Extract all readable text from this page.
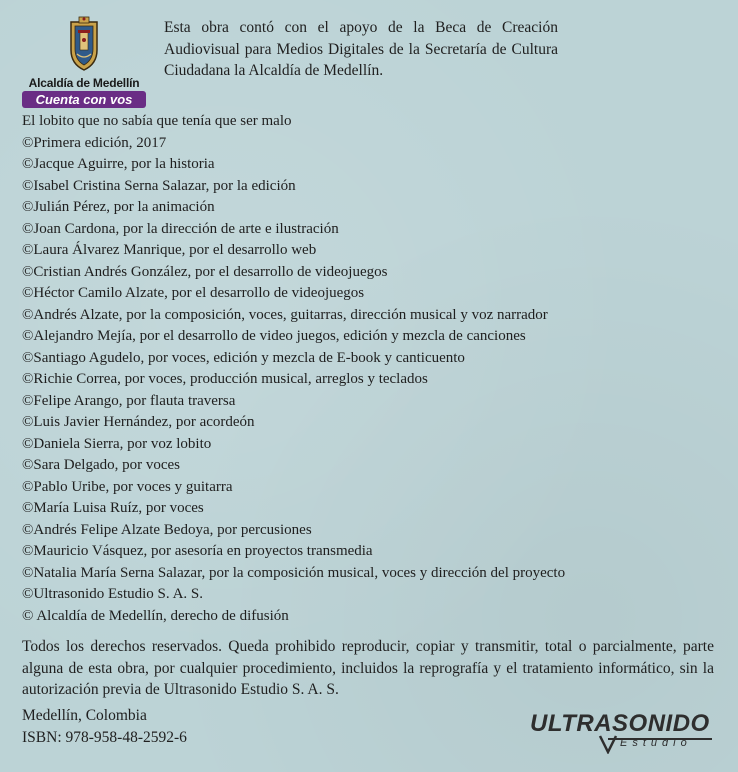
Alcaldía de Medellín
Cuenta con vos
Esta obra contó con el apoyo de la Beca de Creación Audiovisual para Medios Digitales de la Secretaría de Cultura Ciudadana la Alcaldía de Medellín.
El lobito que no sabía que tenía que ser malo
©Primera edición, 2017
©Jacque Aguirre, por la historia
©Isabel Cristina Serna Salazar, por la edición
©Julián Pérez, por la animación
©Joan Cardona, por la dirección de arte e ilustración
©Laura Álvarez Manrique, por el desarrollo web
©Cristian Andrés González, por el desarrollo de videojuegos
©Héctor Camilo Alzate, por el desarrollo de videojuegos
©Andrés Alzate, por la composición, voces, guitarras, dirección musical y voz narrador
©Alejandro Mejía, por el desarrollo de video juegos, edición y mezcla de canciones
©Santiago Agudelo, por voces, edición y mezcla de E-book y canticuento
©Richie Correa, por voces, producción musical, arreglos y teclados
©Felipe Arango, por flauta traversa
©Luis Javier Hernández, por acordeón
©Daniela Sierra, por voz lobito
©Sara Delgado, por voces
©Pablo Uribe, por voces y guitarra
©María Luisa Ruíz, por voces
©Andrés Felipe Alzate Bedoya, por percusiones
©Mauricio Vásquez, por asesoría en proyectos transmedia
©Natalia María Serna Salazar, por la composición musical, voces y dirección del proyecto
©Ultrasonido Estudio S. A. S.
© Alcaldía de Medellín, derecho de difusión
Todos los derechos reservados. Queda prohibido reproducir, copiar y transmitir, total o parcialmente, parte alguna de esta obra, por cualquier procedimiento, incluidos la reprografía y el tratamiento informático, sin la autorización previa de Ultrasonido Estudio S. A. S.
Medellín, Colombia
ISBN: 978-958-48-2592-6
ULTRASONIDO
Estudio
